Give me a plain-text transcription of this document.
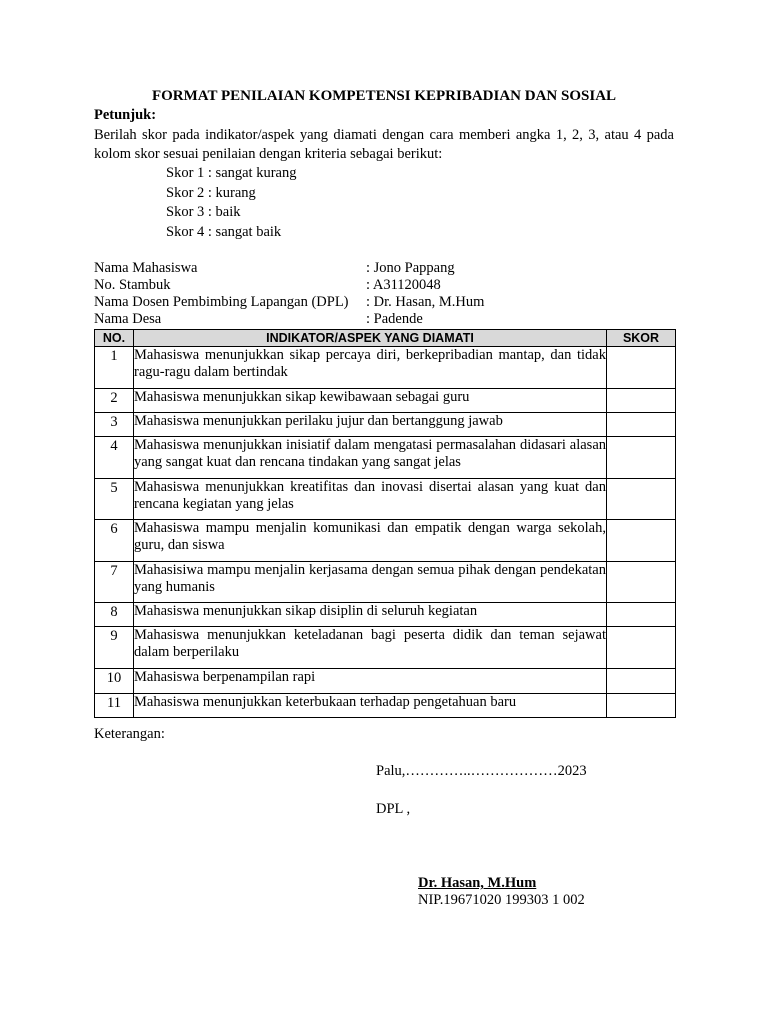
FORMAT PENILAIAN KOMPETENSI KEPRIBADIAN DAN SOSIAL
Petunjuk:
Berilah skor pada indikator/aspek yang diamati dengan cara memberi angka 1, 2, 3, atau 4 pada kolom skor sesuai penilaian dengan kriteria sebagai berikut:
Skor 1 : sangat kurang
Skor 2 : kurang
Skor 3 : baik
Skor 4 : sangat baik
Nama Mahasiswa	: Jono Pappang
No. Stambuk	: A31120048
Nama Dosen Pembimbing Lapangan (DPL)	: Dr. Hasan, M.Hum
Nama Desa	: Padende
NO.	INDIKATOR/ASPEK YANG DIAMATI	SKOR
1	Mahasiswa menunjukkan sikap percaya diri, berkepribadian mantap, dan tidak ragu-ragu dalam bertindak	
2	Mahasiswa menunjukkan sikap kewibawaan sebagai guru	
3	Mahasiswa menunjukkan perilaku jujur dan bertanggung jawab	
4	Mahasiswa menunjukkan inisiatif dalam mengatasi permasalahan didasari alasan yang sangat kuat dan rencana tindakan yang sangat jelas	
5	Mahasiswa menunjukkan kreatifitas dan inovasi disertai alasan yang kuat dan rencana kegiatan yang jelas	
6	Mahasiswa mampu menjalin komunikasi dan empatik dengan warga sekolah, guru, dan siswa	
7	Mahasisiwa mampu menjalin kerjasama dengan semua pihak dengan pendekatan yang humanis	
8	Mahasiswa menunjukkan sikap disiplin di seluruh kegiatan	
9	Mahasiswa menunjukkan keteladanan bagi peserta didik dan teman sejawat dalam berperilaku	
10	Mahasiswa berpenampilan rapi	
11	Mahasiswa menunjukkan keterbukaan terhadap pengetahuan baru	
Keterangan:
Palu,…………..………………2023
DPL ,
Dr. Hasan, M.Hum
NIP.19671020 199303 1 002
